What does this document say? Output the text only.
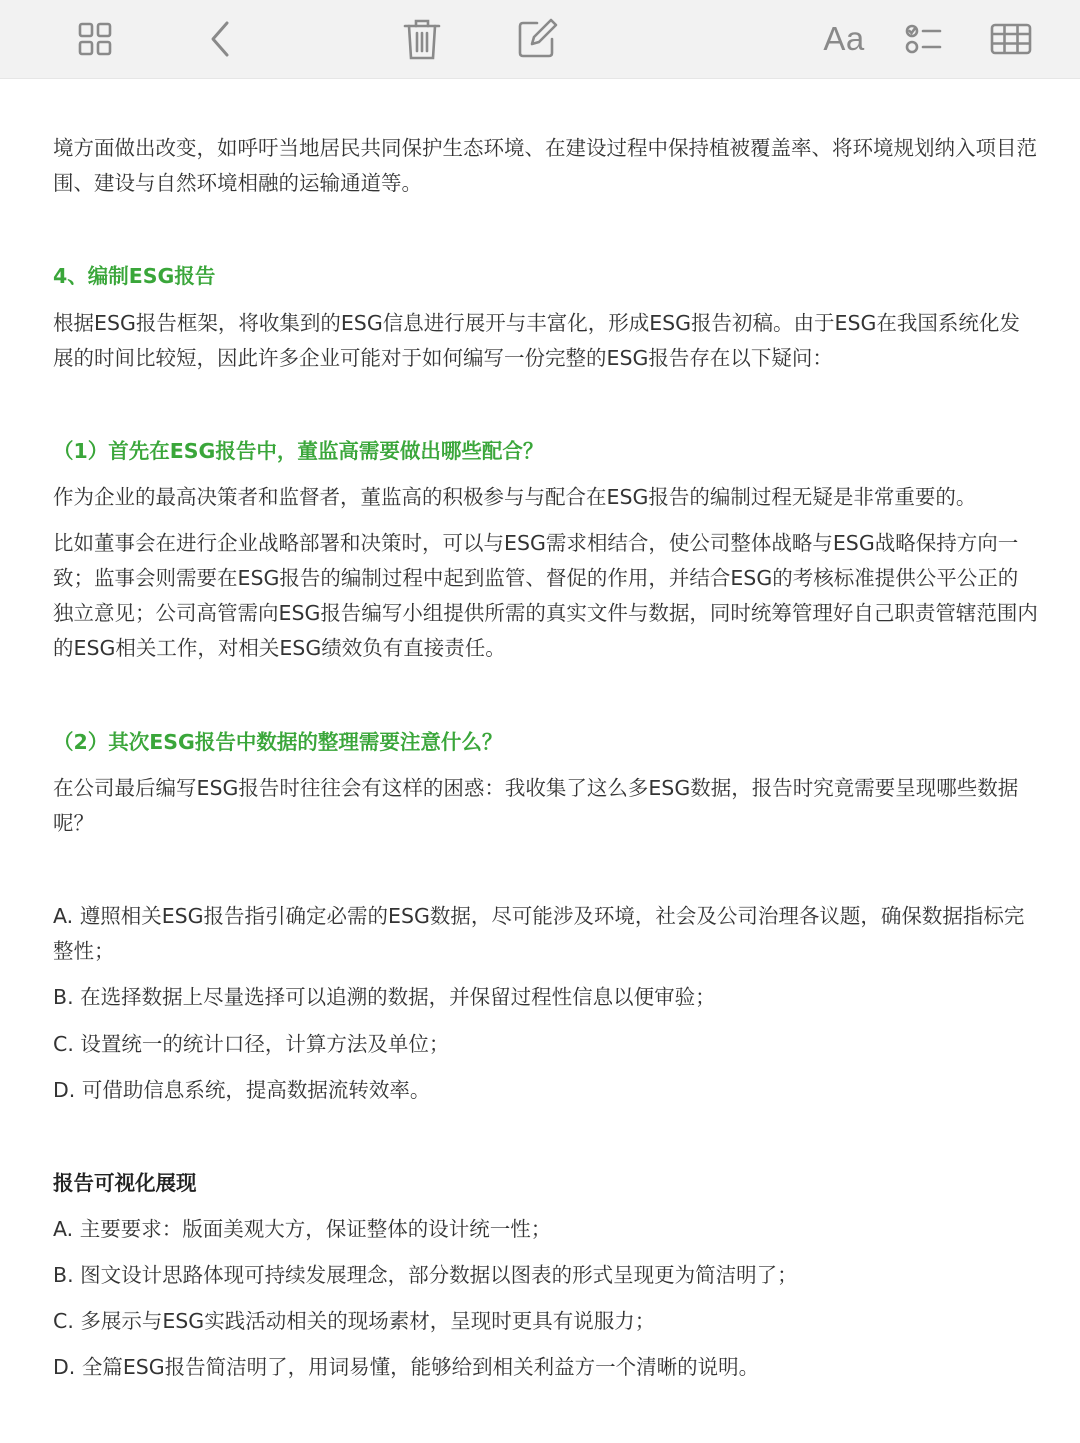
Aa

境方面做出改变，如呼吁当地居民共同保护生态环境、在建设过程中保持植被覆盖率、将环境规划纳入项目范围、建设与自然环境相融的运输通道等。

4、编制ESG报告

根据ESG报告框架，将收集到的ESG信息进行展开与丰富化，形成ESG报告初稿。由于ESG在我国系统化发展的时间比较短，因此许多企业可能对于如何编写一份完整的ESG报告存在以下疑问：

（1）首先在ESG报告中，董监高需要做出哪些配合？

作为企业的最高决策者和监督者，董监高的积极参与与配合在ESG报告的编制过程无疑是非常重要的。

比如董事会在进行企业战略部署和决策时，可以与ESG需求相结合，使公司整体战略与ESG战略保持方向一致；监事会则需要在ESG报告的编制过程中起到监管、督促的作用，并结合ESG的考核标准提供公平公正的独立意见；公司高管需向ESG报告编写小组提供所需的真实文件与数据，同时统筹管理好自己职责管辖范围内的ESG相关工作，对相关ESG绩效负有直接责任。

（2）其次ESG报告中数据的整理需要注意什么？

在公司最后编写ESG报告时往往会有这样的困惑：我收集了这么多ESG数据，报告时究竟需要呈现哪些数据呢？

A. 遵照相关ESG报告指引确定必需的ESG数据，尽可能涉及环境，社会及公司治理各议题，确保数据指标完整性；

B. 在选择数据上尽量选择可以追溯的数据，并保留过程性信息以便审验；

C. 设置统一的统计口径，计算方法及单位；

D. 可借助信息系统，提高数据流转效率。

报告可视化展现

A. 主要要求：版面美观大方，保证整体的设计统一性；

B. 图文设计思路体现可持续发展理念，部分数据以图表的形式呈现更为简洁明了；

C. 多展示与ESG实践活动相关的现场素材，呈现时更具有说服力；

D. 全篇ESG报告简洁明了，用词易懂，能够给到相关利益方一个清晰的说明。
